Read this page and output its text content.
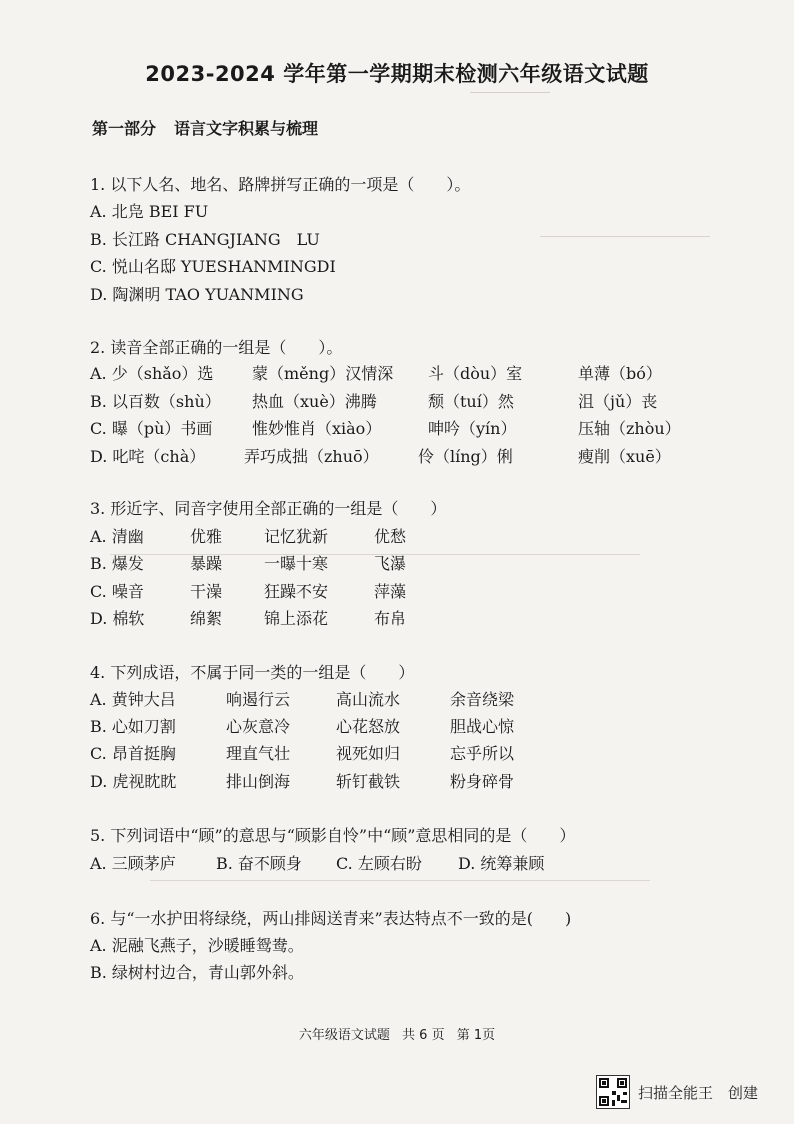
2023-2024 学年第一学期期末检测六年级语文试题
第一部分 语言文字积累与梳理
1. 以下人名、地名、路牌拼写正确的一项是（　　）。
A. 北凫 BEI FU
B. 长江路 CHANGJIANG　LU
C. 悦山名邸 YUESHANMINGDI
D. 陶渊明 TAO YUANMING
2. 读音全部正确的一组是（　　）。
A. 少（shǎo）选 蒙（měng）汉情深 斗（dòu）室	单薄（bó）
B. 以百数（shù） 热血（xuè）沸腾	颓（tuí）然	沮（jǔ）丧
C. 曝（pù）书画 惟妙惟肖（xiào）	呻吟（yín）	压轴（zhòu）
D. 叱咤（chà） 弄巧成拙（zhuō） 伶（líng）俐	瘦削（xuē）
3. 形近字、同音字使用全部正确的一组是（　　）
A. 清幽	优雅	记忆犹新	优愁
B. 爆发	暴躁	一曝十寒	飞瀑
C. 噪音	干澡	狂躁不安	萍藻
D. 棉软	绵絮	锦上添花	布帛
4. 下列成语，不属于同一类的一组是（　　）
A. 黄钟大吕	响遏行云	高山流水	余音绕梁
B. 心如刀割	心灰意冷	心花怒放	胆战心惊
C. 昂首挺胸	理直气壮	视死如归	忘乎所以
D. 虎视眈眈	排山倒海	斩钉截铁	粉身碎骨
5. 下列词语中“顾”的意思与“顾影自怜”中“顾”意思相同的是（　　）
A. 三顾茅庐	B. 奋不顾身 C. 左顾右盼 D. 统筹兼顾
6. 与“一水护田将绿绕，两山排闼送青来”表达特点不一致的是(　　)
A. 泥融飞燕子，沙暖睡鸳鸯。
B. 绿树村边合，青山郭外斜。
六年级语文试题 共 6 页 第 1页
扫描全能王　创建
